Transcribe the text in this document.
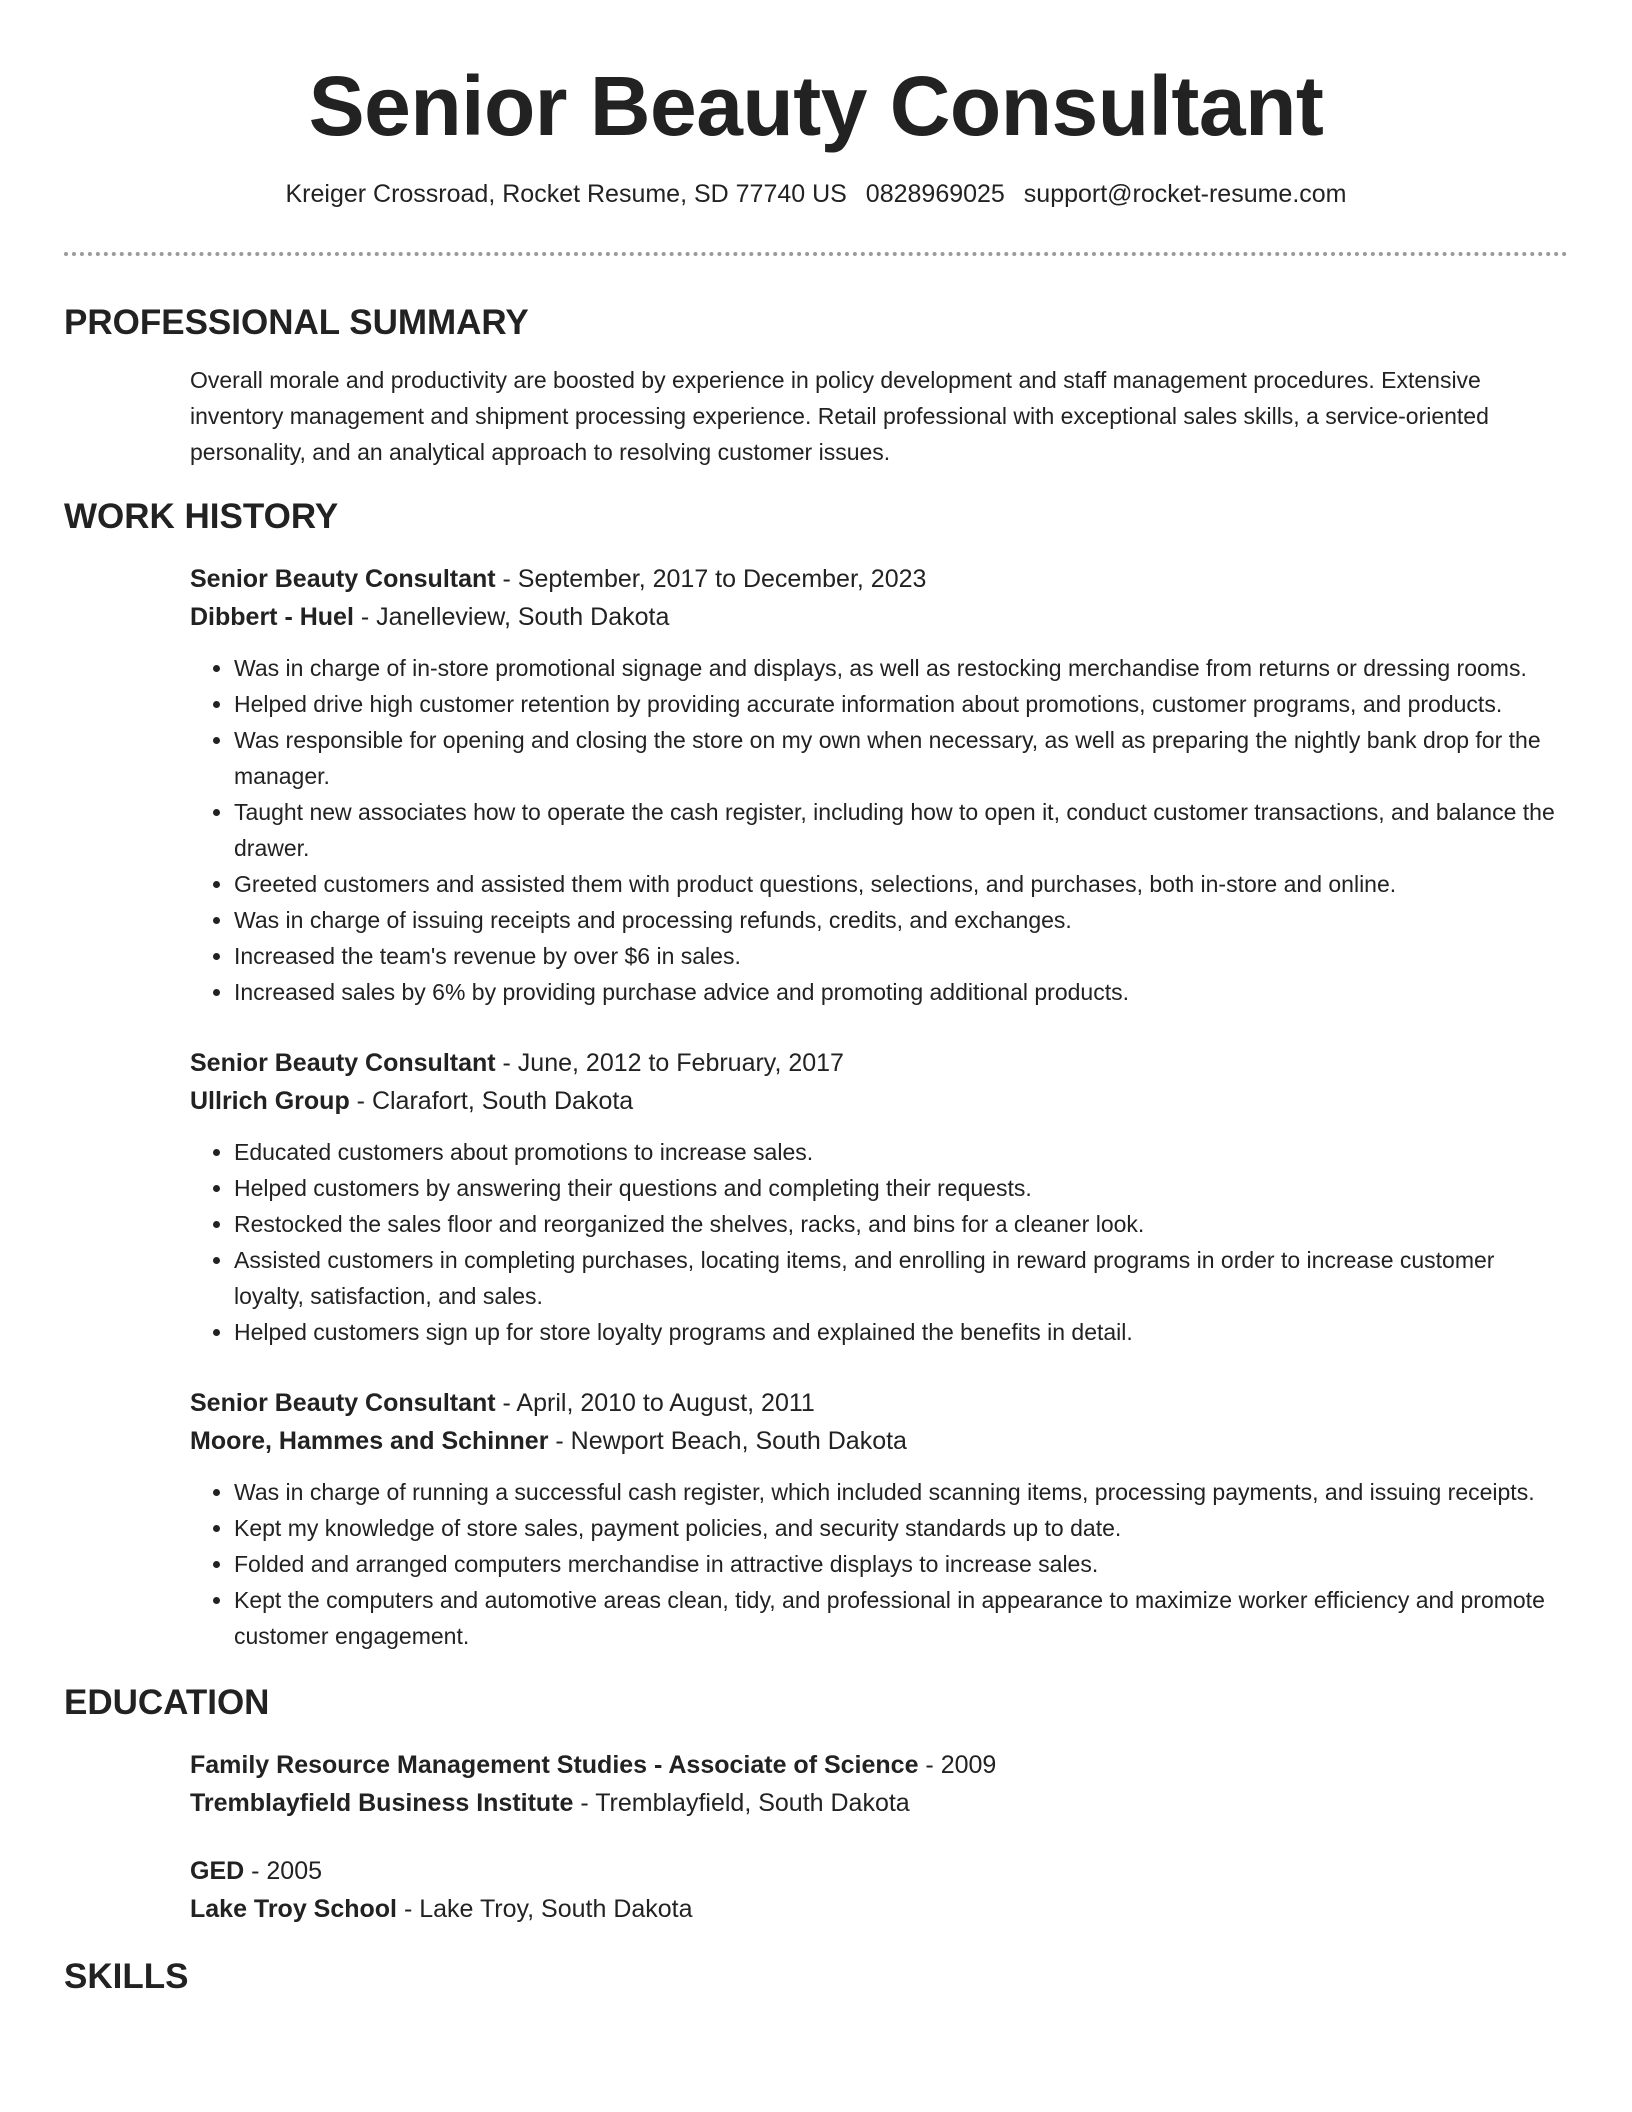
Senior Beauty Consultant
Kreiger Crossroad, Rocket Resume, SD 77740 US 0828969025 support@rocket-resume.com
PROFESSIONAL SUMMARY
Overall morale and productivity are boosted by experience in policy development and staff management procedures. Extensive inventory management and shipment processing experience. Retail professional with exceptional sales skills, a service-oriented personality, and an analytical approach to resolving customer issues.
WORK HISTORY
Senior Beauty Consultant - September, 2017 to December, 2023
Dibbert - Huel - Janelleview, South Dakota
• Was in charge of in-store promotional signage and displays, as well as restocking merchandise from returns or dressing rooms.
• Helped drive high customer retention by providing accurate information about promotions, customer programs, and products.
• Was responsible for opening and closing the store on my own when necessary, as well as preparing the nightly bank drop for the manager.
• Taught new associates how to operate the cash register, including how to open it, conduct customer transactions, and balance the drawer.
• Greeted customers and assisted them with product questions, selections, and purchases, both in-store and online.
• Was in charge of issuing receipts and processing refunds, credits, and exchanges.
• Increased the team's revenue by over $6 in sales.
• Increased sales by 6% by providing purchase advice and promoting additional products.
Senior Beauty Consultant - June, 2012 to February, 2017
Ullrich Group - Clarafort, South Dakota
• Educated customers about promotions to increase sales.
• Helped customers by answering their questions and completing their requests.
• Restocked the sales floor and reorganized the shelves, racks, and bins for a cleaner look.
• Assisted customers in completing purchases, locating items, and enrolling in reward programs in order to increase customer loyalty, satisfaction, and sales.
• Helped customers sign up for store loyalty programs and explained the benefits in detail.
Senior Beauty Consultant - April, 2010 to August, 2011
Moore, Hammes and Schinner - Newport Beach, South Dakota
• Was in charge of running a successful cash register, which included scanning items, processing payments, and issuing receipts.
• Kept my knowledge of store sales, payment policies, and security standards up to date.
• Folded and arranged computers merchandise in attractive displays to increase sales.
• Kept the computers and automotive areas clean, tidy, and professional in appearance to maximize worker efficiency and promote customer engagement.
EDUCATION
Family Resource Management Studies - Associate of Science - 2009
Tremblayfield Business Institute - Tremblayfield, South Dakota
GED - 2005
Lake Troy School - Lake Troy, South Dakota
SKILLS
